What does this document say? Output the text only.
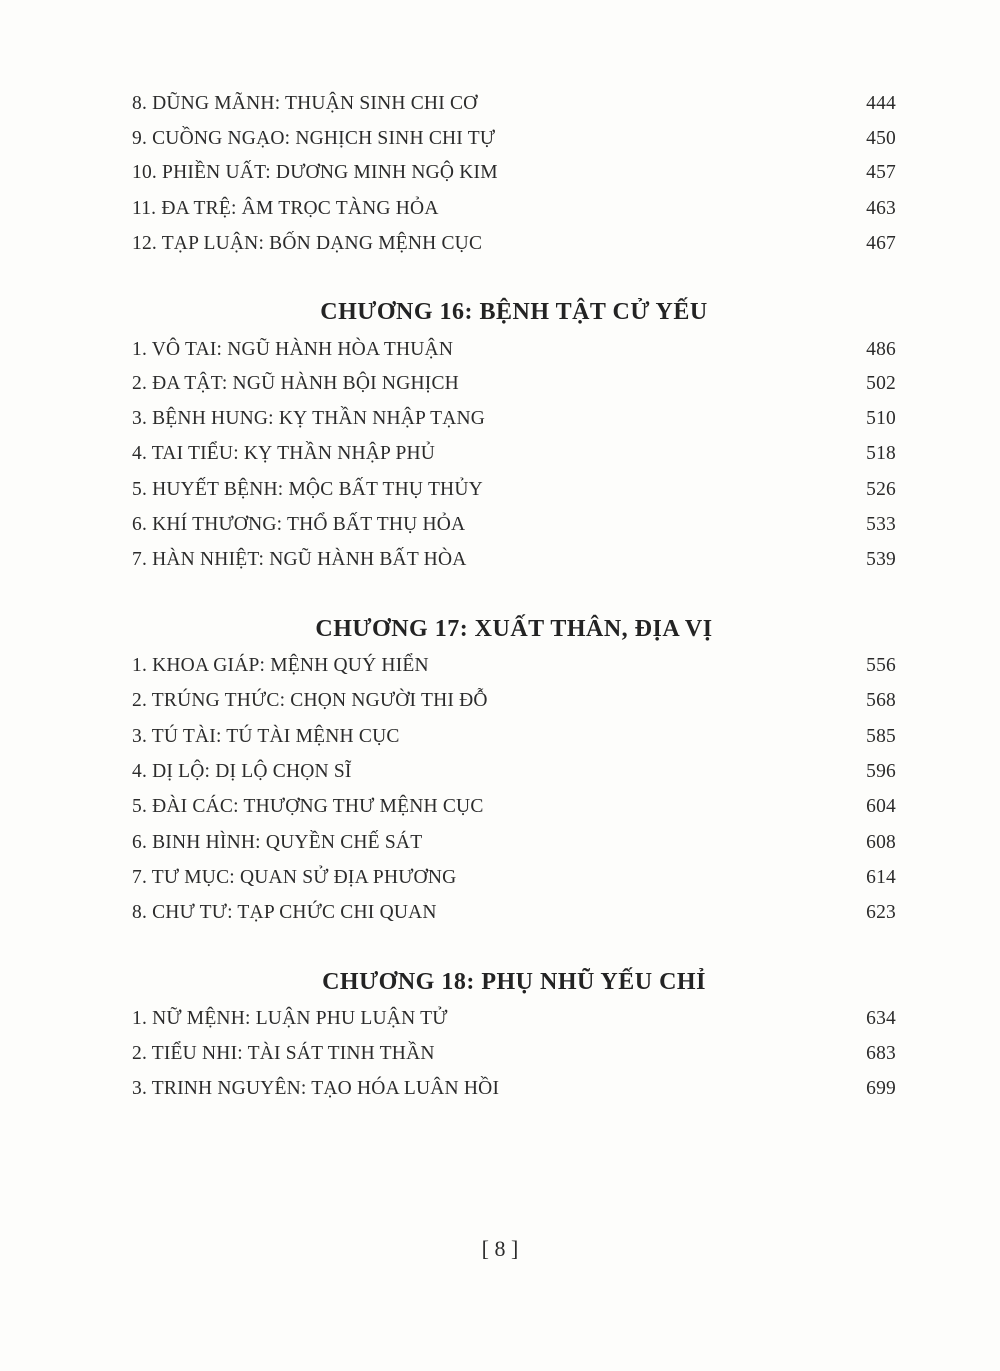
8. DŨNG MÃNH: THUẬN SINH CHI CƠ	444
9. CUỒNG NGẠO: NGHỊCH SINH CHI TỰ	450
10. PHIỀN UẤT: DƯƠNG MINH NGỘ KIM	457
11. ĐA TRỆ: ÂM TRỌC TÀNG HỎA	463
12. TẠP LUẬN: BỐN DẠNG MỆNH CỤC	467
CHƯƠNG 16: BỆNH TẬT CỬ YẾU
1. VÔ TAI: NGŨ HÀNH HÒA THUẬN	486
2. ĐA TẬT: NGŨ HÀNH BỘI NGHỊCH	502
3. BỆNH HUNG: KỴ THẦN NHẬP TẠNG	510
4. TAI TIỂU: KỴ THẦN NHẬP PHỦ	518
5. HUYẾT BỆNH: MỘC BẤT THỤ THỦY	526
6. KHÍ THƯƠNG: THỔ BẤT THỤ HỎA	533
7. HÀN NHIỆT: NGŨ HÀNH BẤT HÒA	539
CHƯƠNG 17: XUẤT THÂN, ĐỊA VỊ
1. KHOA GIÁP: MỆNH QUÝ HIỂN	556
2. TRÚNG THỨC: CHỌN NGƯỜI THI ĐỖ	568
3. TÚ TÀI: TÚ TÀI MỆNH CỤC	585
4. DỊ LỘ: DỊ LỘ CHỌN SĨ	596
5. ĐÀI CÁC: THƯỢNG THƯ MỆNH CỤC	604
6. BINH HÌNH: QUYỀN CHẾ SÁT	608
7. TƯ MỤC: QUAN SỬ ĐỊA PHƯƠNG	614
8. CHƯ TƯ: TẠP CHỨC CHI QUAN	623
CHƯƠNG 18: PHỤ NHŨ YẾU CHỈ
1. NỮ MỆNH: LUẬN PHU LUẬN TỬ	634
2. TIỂU NHI: TÀI SÁT TINH THẦN	683
3. TRINH NGUYÊN: TẠO HÓA LUÂN HỒI	699
[ 8 ]
